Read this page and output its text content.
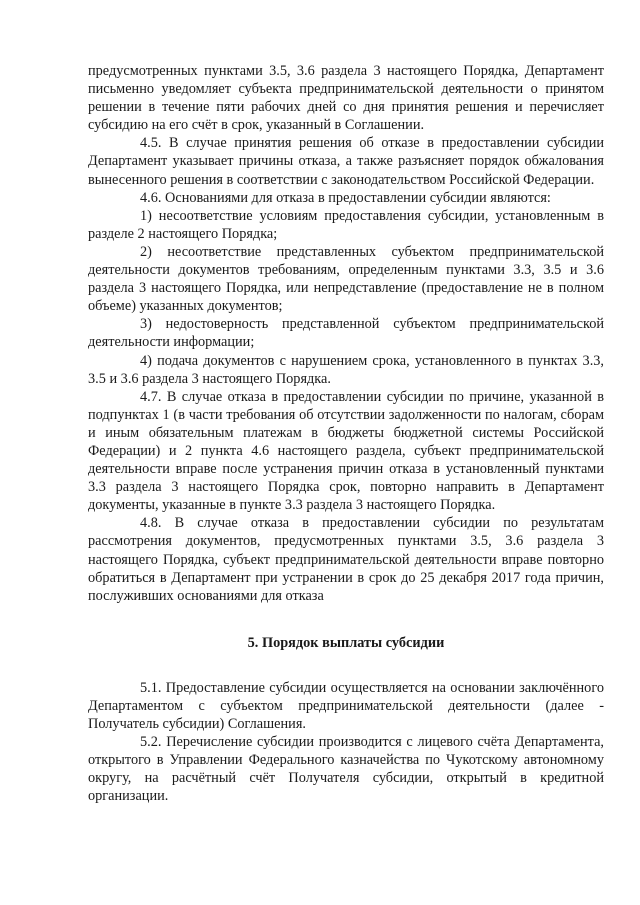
предусмотренных пунктами 3.5, 3.6 раздела 3 настоящего Порядка, Департамент письменно уведомляет субъекта предпринимательской деятельности о принятом решении в течение пяти рабочих дней со дня принятия решения и перечисляет субсидию на его счёт в срок, указанный в Соглашении.

4.5. В случае принятия решения об отказе в предоставлении субсидии Департамент указывает причины отказа, а также разъясняет порядок обжалования вынесенного решения в соответствии с законодательством Российской Федерации.

4.6. Основаниями для отказа в предоставлении субсидии являются:

1) несоответствие условиям предоставления субсидии, установленным в разделе 2 настоящего Порядка;

2) несоответствие представленных субъектом предпринимательской деятельности документов требованиям, определенным пунктами 3.3, 3.5 и 3.6 раздела 3 настоящего Порядка, или непредставление (предоставление не в полном объеме) указанных документов;

3) недостоверность представленной субъектом предпринимательской деятельности информации;

4) подача документов с нарушением срока, установленного в пунктах 3.3, 3.5 и 3.6 раздела 3 настоящего Порядка.

4.7. В случае отказа в предоставлении субсидии по причине, указанной в подпунктах 1 (в части требования об отсутствии задолженности по налогам, сборам и иным обязательным платежам в бюджеты бюджетной системы Российской Федерации) и 2 пункта 4.6 настоящего раздела, субъект предпринимательской деятельности вправе после устранения причин отказа в установленный пунктами 3.3 раздела 3 настоящего Порядка срок, повторно направить в Департамент документы, указанные в пункте 3.3 раздела 3 настоящего Порядка.

4.8. В случае отказа в предоставлении субсидии по результатам рассмотрения документов, предусмотренных пунктами 3.5, 3.6 раздела 3 настоящего Порядка, субъект предпринимательской деятельности вправе повторно обратиться в Департамент при устранении в срок до 25 декабря 2017 года причин, послуживших основаниями для отказа

5. Порядок выплаты субсидии

5.1. Предоставление субсидии осуществляется на основании заключённого Департаментом с субъектом предпринимательской деятельности (далее - Получатель субсидии) Соглашения.

5.2. Перечисление субсидии производится с лицевого счёта Департамента, открытого в Управлении Федерального казначейства по Чукотскому автономному округу, на расчётный счёт Получателя субсидии, открытый в кредитной организации.
